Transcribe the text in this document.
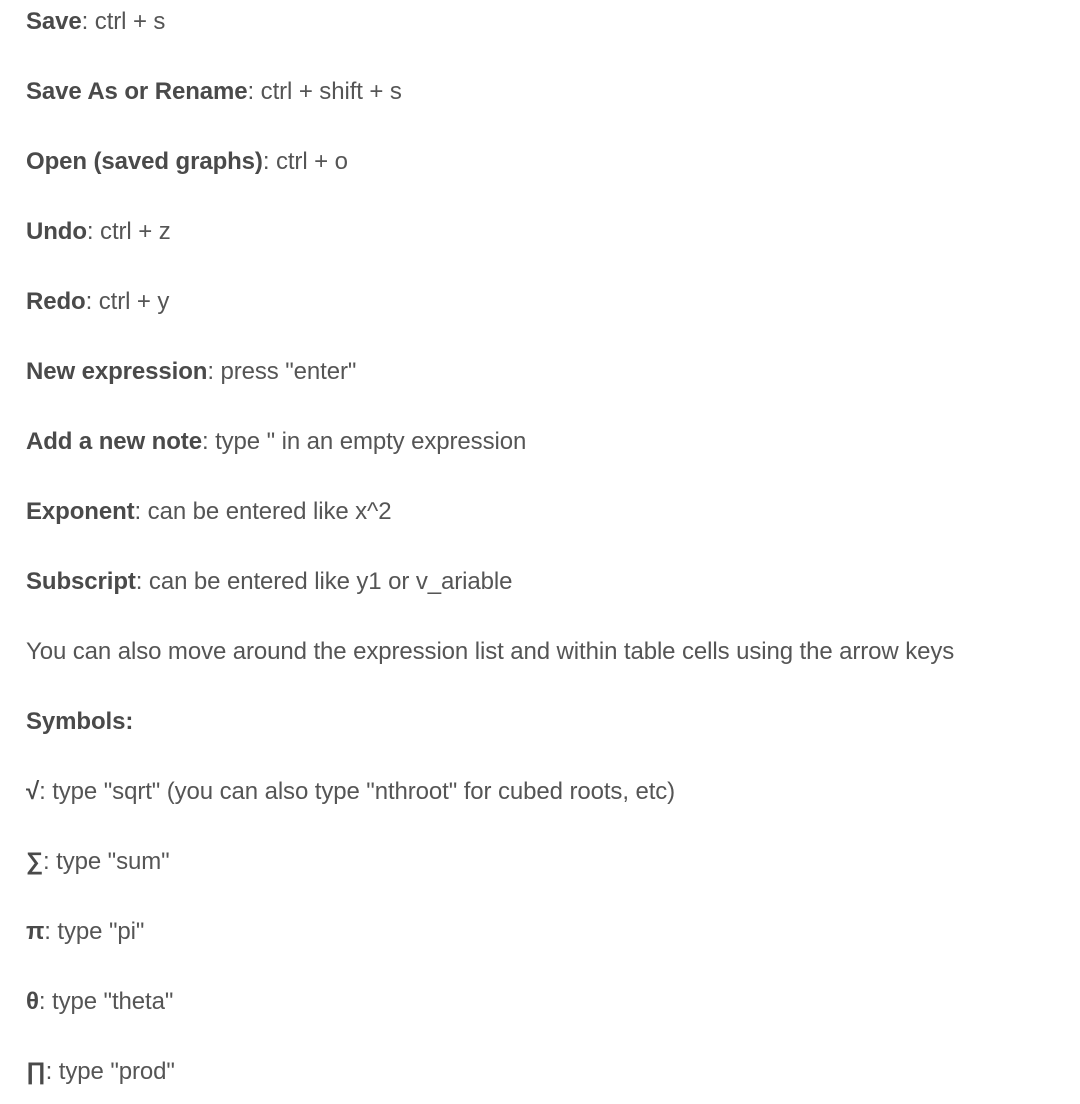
Save: ctrl + s
Save As or Rename: ctrl + shift + s
Open (saved graphs): ctrl + o
Undo: ctrl + z
Redo: ctrl + y
New expression: press "enter"
Add a new note: type " in an empty expression
Exponent: can be entered like x^2
Subscript: can be entered like y1 or v_ariable
You can also move around the expression list and within table cells using the arrow keys
Symbols:
√: type "sqrt" (you can also type "nthroot" for cubed roots, etc)
∑: type "sum"
π: type "pi"
θ: type "theta"
∏: type "prod"
